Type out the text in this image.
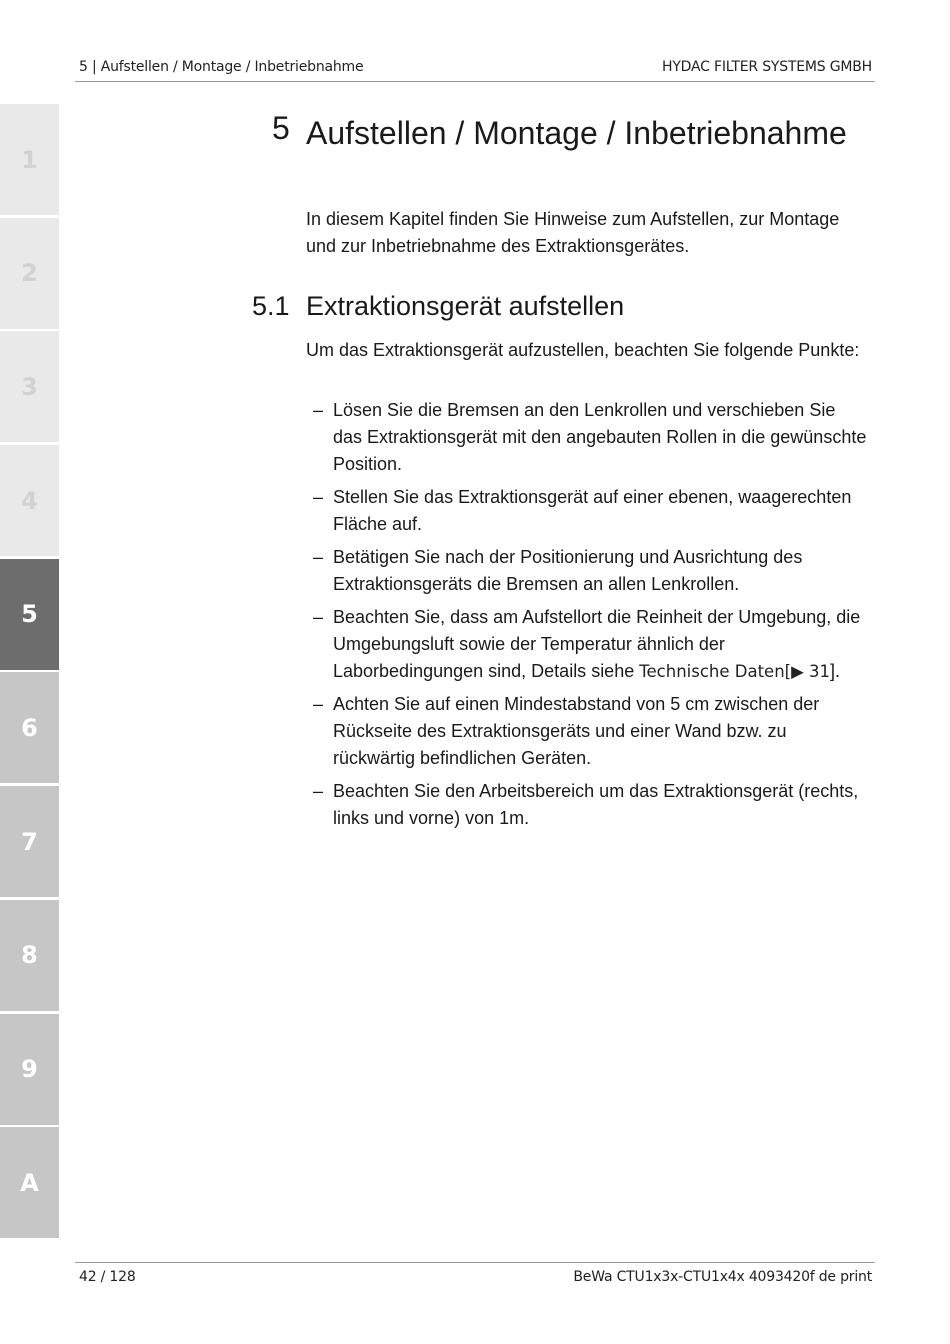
5 | Aufstellen / Montage / Inbetriebnahme	HYDAC FILTER SYSTEMS GMBH
1
2
3
4
5
6
7
8
9
A
5 Aufstellen / Montage / Inbetriebnahme
In diesem Kapitel finden Sie Hinweise zum Aufstellen, zur Montage und zur Inbetriebnahme des Extraktionsgerätes.
5.1 Extraktionsgerät aufstellen
Um das Extraktionsgerät aufzustellen, beachten Sie folgende Punkte:
– Lösen Sie die Bremsen an den Lenkrollen und verschieben Sie das Extraktionsgerät mit den angebauten Rollen in die gewünschte Position.
– Stellen Sie das Extraktionsgerät auf einer ebenen, waagerechten Fläche auf.
– Betätigen Sie nach der Positionierung und Ausrichtung des Extraktionsgeräts die Bremsen an allen Lenkrollen.
– Beachten Sie, dass am Aufstellort die Reinheit der Umgebung, die Umgebungsluft sowie der Temperatur ähnlich der Laborbedingungen sind, Details siehe Technische Daten[▶ 31].
– Achten Sie auf einen Mindestabstand von 5 cm zwischen der Rückseite des Extraktionsgeräts und einer Wand bzw. zu rückwärtig befindlichen Geräten.
– Beachten Sie den Arbeitsbereich um das Extraktionsgerät (rechts, links und vorne) von 1m.
42 / 128	BeWa CTU1x3x-CTU1x4x 4093420f de print
